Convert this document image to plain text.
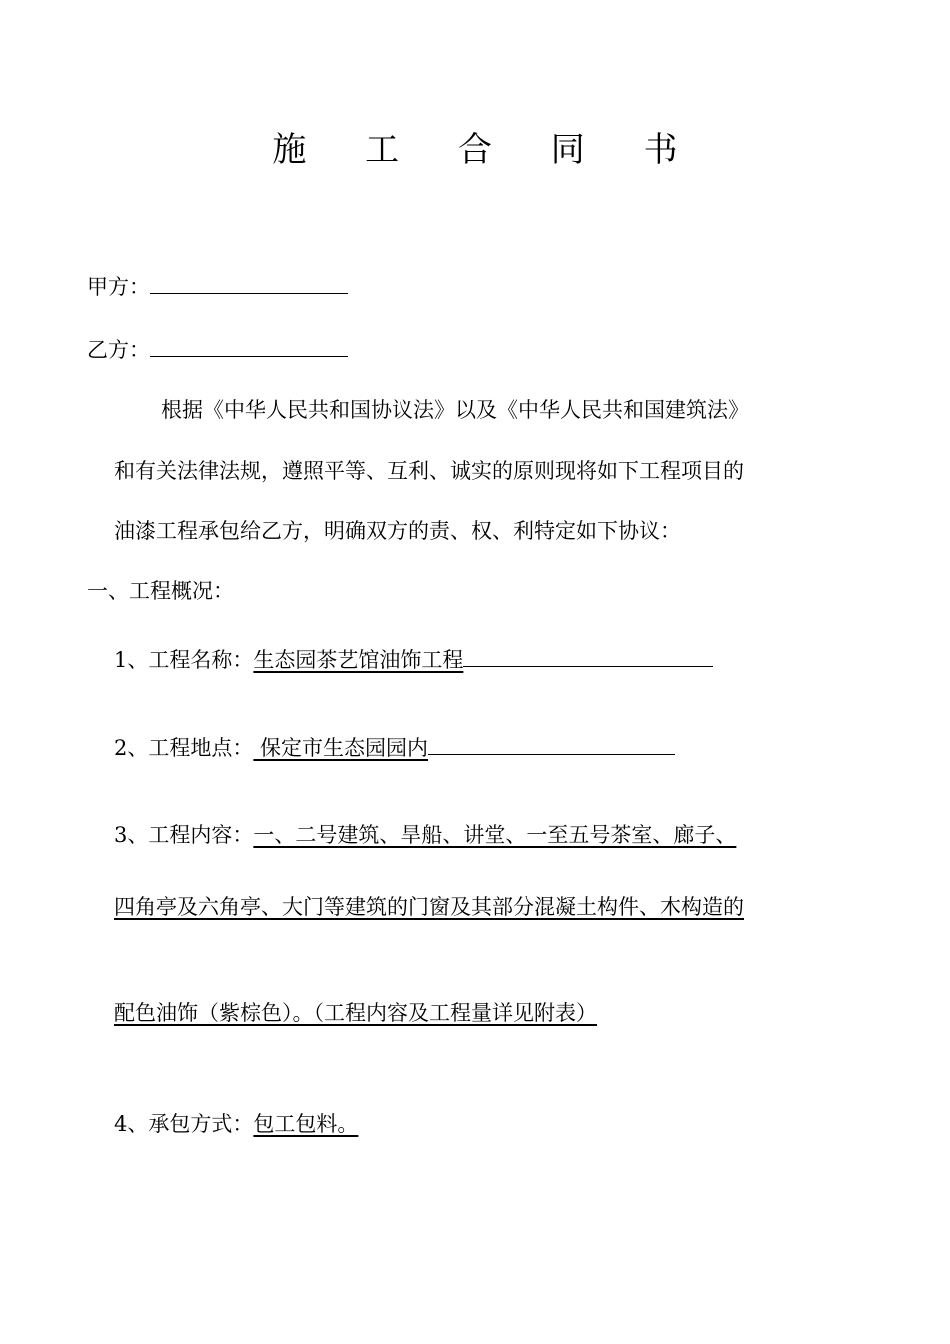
施 工 合 同 书
甲方：
乙方：
根据《中华人民共和国协议法》以及《中华人民共和国建筑法》
和有关法律法规，遵照平等、互利、诚实的原则现将如下工程项目的
油漆工程承包给乙方，明确双方的责、权、利特定如下协议：
一、工程概况：
1、工程名称：生态园茶艺馆油饰工程
2、工程地点： 保定市生态园园内
3、工程内容：一、二号建筑、旱船、讲堂、一至五号茶室、廊子、
四角亭及六角亭、大门等建筑的门窗及其部分混凝土构件、木构造的
配色油饰（紫棕色）。（工程内容及工程量详见附表）
4、承包方式：包工包料。
